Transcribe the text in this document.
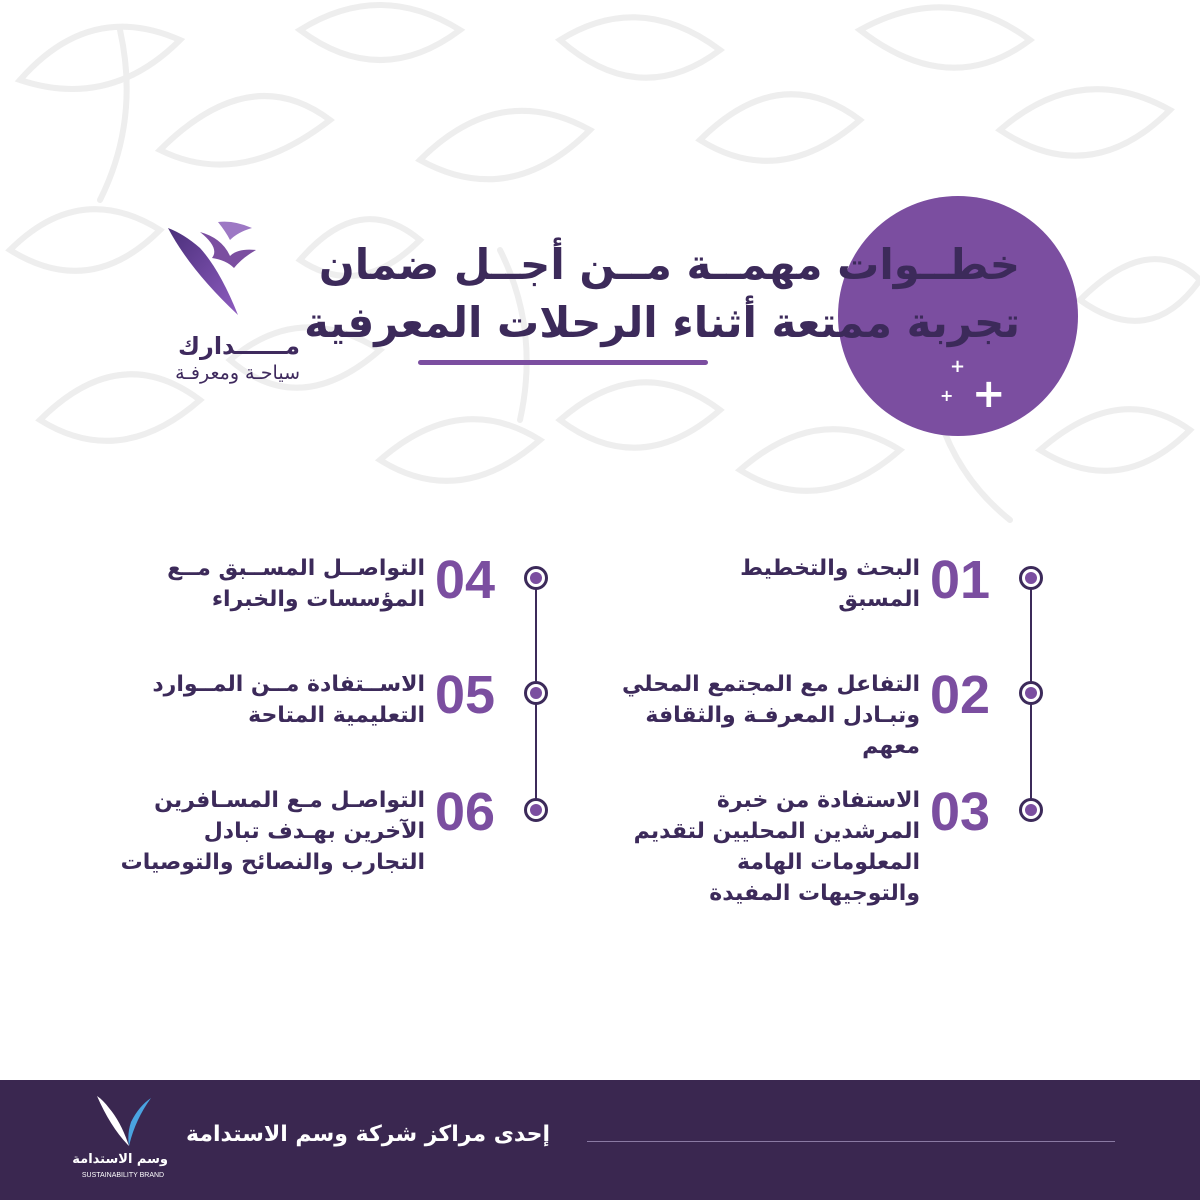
مــــــدارك
سياحـة ومعرفـة
خطــوات مهمــة مــن أجــل ضمان
تجربة ممتعة أثناء الرحلات المعرفية
+
+
+
01
البحث والتخطيط المسبق
02
التفاعل مع المجتمع المحلي وتبـادل المعرفـة والثقافة معهم
03
الاستفادة من خبرة المرشدين المحليين لتقديم المعلومات الهامة والتوجيهات المفيدة
04
التواصــل المســبق مــع المؤسسات والخبراء
05
الاســتفادة مــن المــوارد التعليمية المتاحة
06
التواصـل مـع المسـافرين الآخرين بهـدف تبادل التجارب والنصائح والتوصيات
وسم الاستدامة
SUSTAINABILITY BRAND
إحدى مراكز شركة وسم الاستدامة
